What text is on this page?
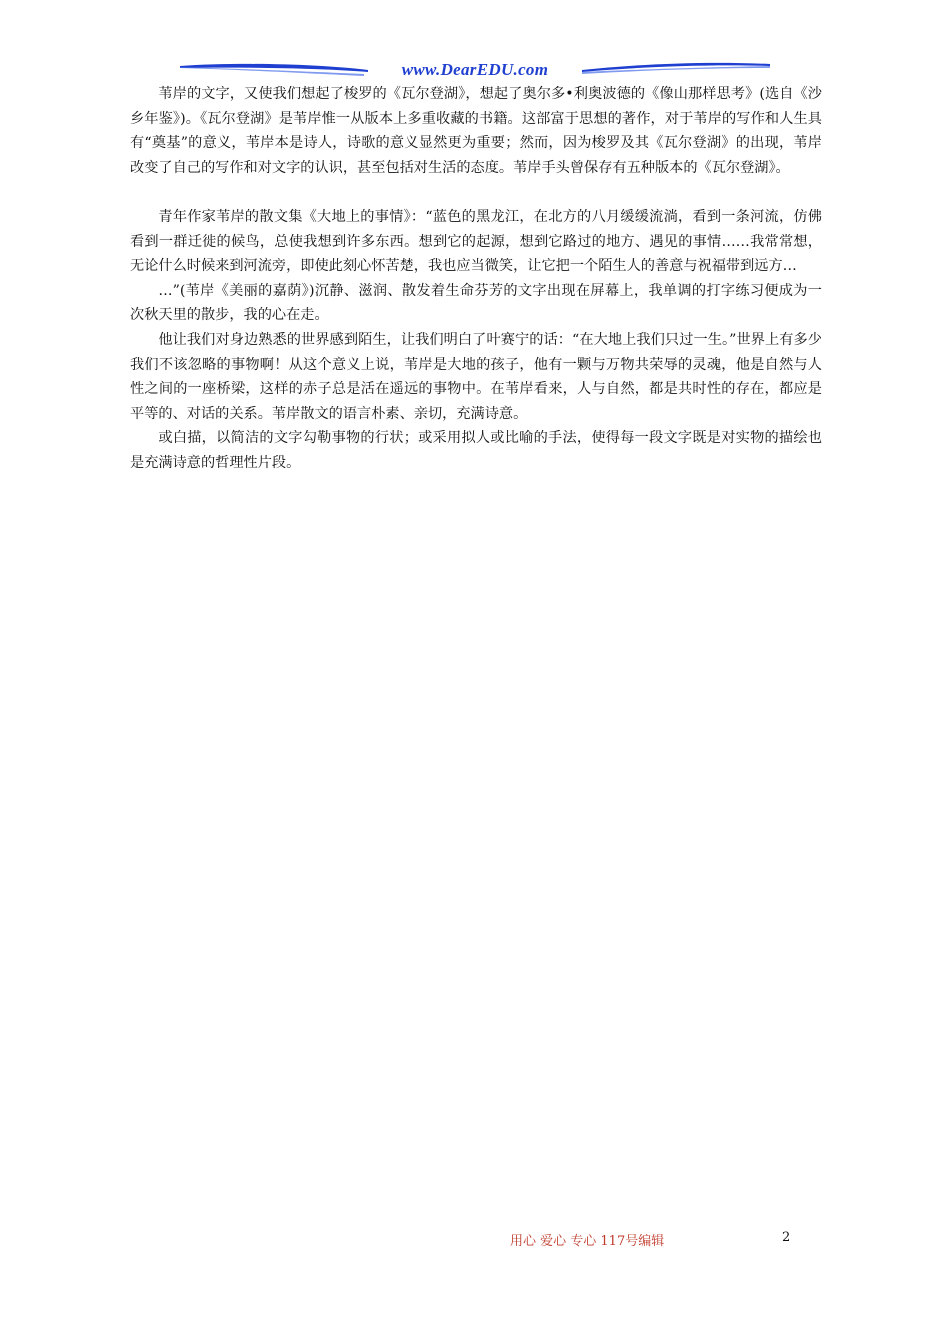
www.DearEDU.com

苇岸的文字，又使我们想起了梭罗的《瓦尔登湖》，想起了奥尔多•利奥波德的《像山那样思考》(选自《沙乡年鉴》)。《瓦尔登湖》是苇岸惟一从版本上多重收藏的书籍。这部富于思想的著作，对于苇岸的写作和人生具有“奠基”的意义，苇岸本是诗人，诗歌的意义显然更为重要；然而，因为梭罗及其《瓦尔登湖》的出现，苇岸改变了自己的写作和对文字的认识，甚至包括对生活的态度。苇岸手头曾保存有五种版本的《瓦尔登湖》。

青年作家苇岸的散文集《大地上的事情》：“蓝色的黑龙江，在北方的八月缓缓流淌，看到一条河流，仿佛看到一群迁徙的候鸟，总使我想到许多东西。想到它的起源，想到它路过的地方、遇见的事情……我常常想，无论什么时候来到河流旁，即使此刻心怀苦楚，我也应当微笑，让它把一个陌生人的善意与祝福带到远方…

…”(苇岸《美丽的嘉荫》)沉静、滋润、散发着生命芬芳的文字出现在屏幕上，我单调的打字练习便成为一次秋天里的散步，我的心在走。

他让我们对身边熟悉的世界感到陌生，让我们明白了叶赛宁的话：“在大地上我们只过一生。”世界上有多少我们不该忽略的事物啊！从这个意义上说，苇岸是大地的孩子，他有一颗与万物共荣辱的灵魂，他是自然与人性之间的一座桥梁，这样的赤子总是活在遥远的事物中。在苇岸看来，人与自然，都是共时性的存在，都应是平等的、对话的关系。苇岸散文的语言朴素、亲切，充满诗意。

或白描，以简洁的文字勾勒事物的行状；或采用拟人或比喻的手法，使得每一段文字既是对实物的描绘也是充满诗意的哲理性片段。

用心 爱心 专心 117号编辑	2
